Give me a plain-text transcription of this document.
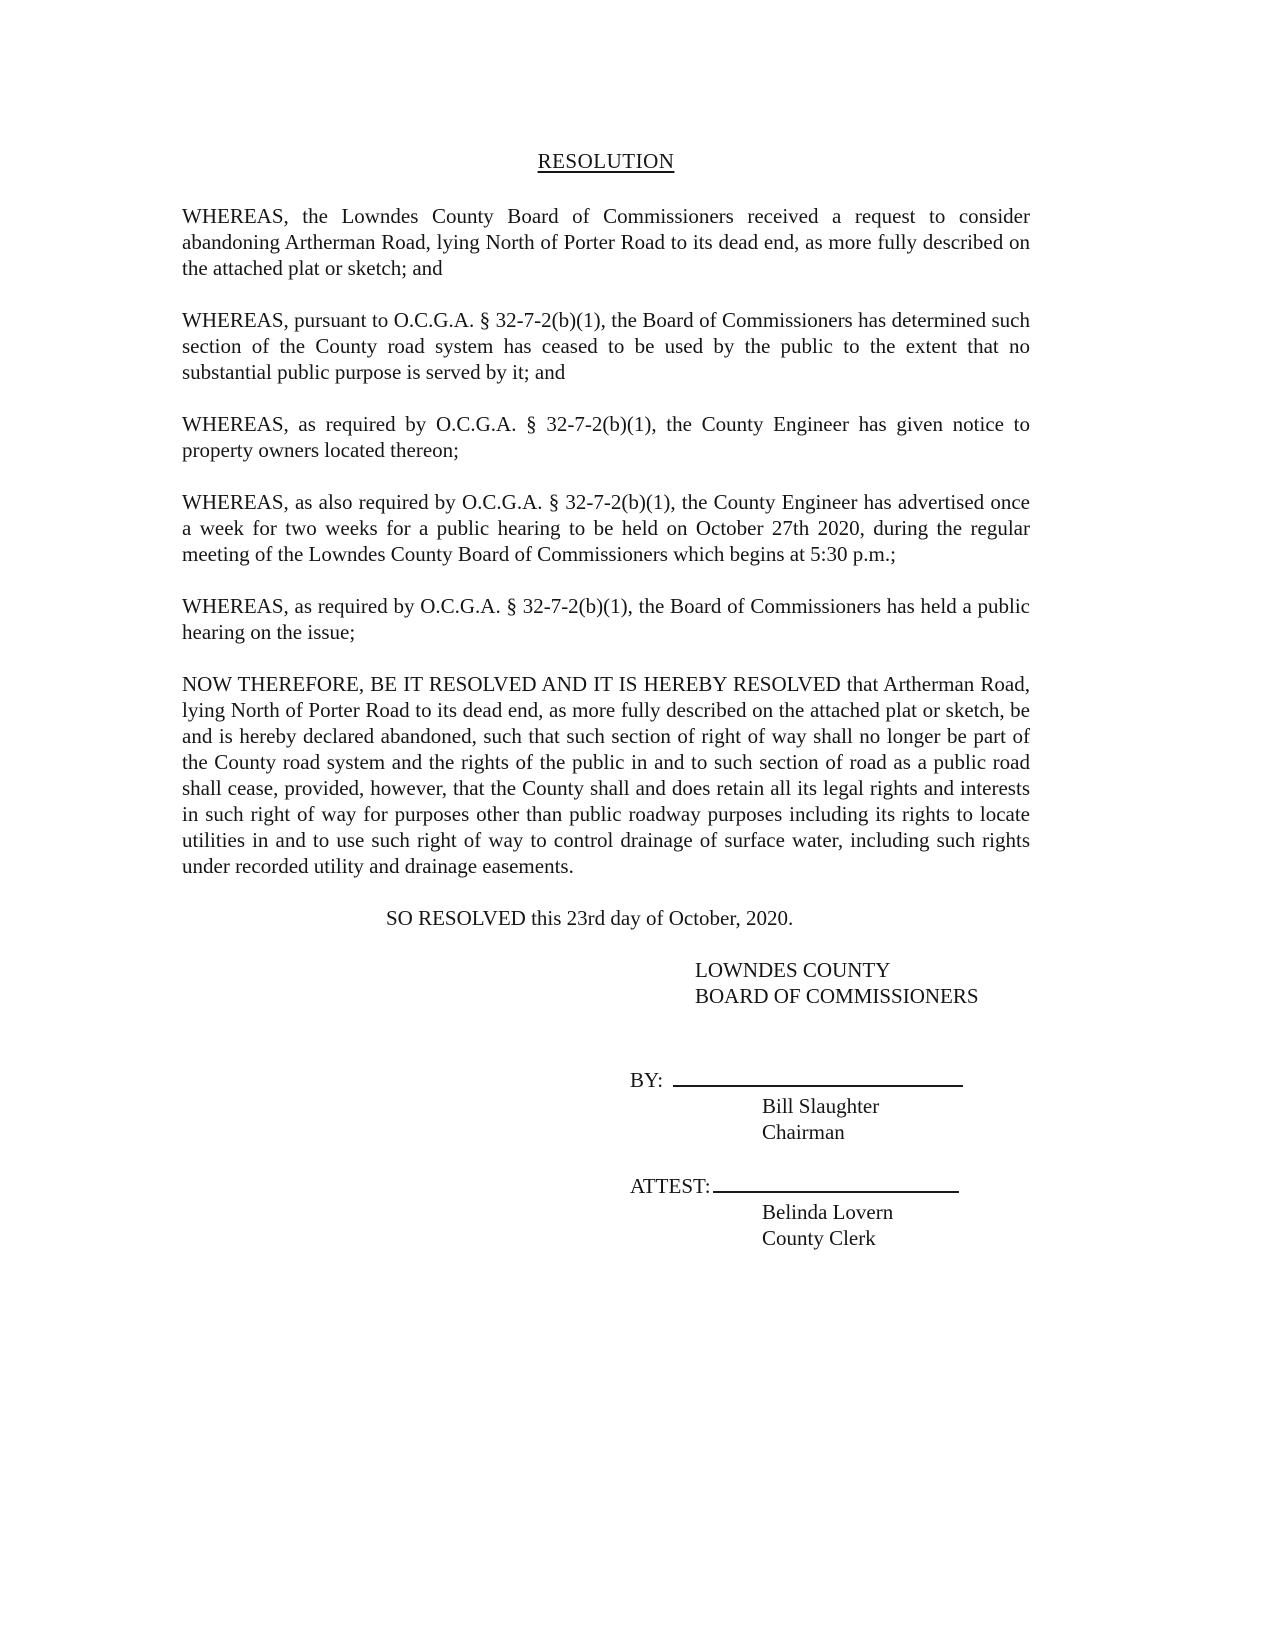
RESOLUTION

WHEREAS, the Lowndes County Board of Commissioners received a request to consider abandoning Artherman Road, lying North of Porter Road to its dead end, as more fully described on the attached plat or sketch; and

WHEREAS, pursuant to O.C.G.A. § 32-7-2(b)(1), the Board of Commissioners has determined such section of the County road system has ceased to be used by the public to the extent that no substantial public purpose is served by it; and

WHEREAS, as required by O.C.G.A. § 32-7-2(b)(1), the County Engineer has given notice to property owners located thereon;

WHEREAS, as also required by O.C.G.A. § 32-7-2(b)(1), the County Engineer has advertised once a week for two weeks for a public hearing to be held on October 27th 2020, during the regular meeting of the Lowndes County Board of Commissioners which begins at 5:30 p.m.;

WHEREAS, as required by O.C.G.A. § 32-7-2(b)(1), the Board of Commissioners has held a public hearing on the issue;

NOW THEREFORE, BE IT RESOLVED AND IT IS HEREBY RESOLVED that Artherman Road, lying North of Porter Road to its dead end, as more fully described on the attached plat or sketch, be and is hereby declared abandoned, such that such section of right of way shall no longer be part of the County road system and the rights of the public in and to such section of road as a public road shall cease, provided, however, that the County shall and does retain all its legal rights and interests in such right of way for purposes other than public roadway purposes including its rights to locate utilities in and to use such right of way to control drainage of surface water, including such rights under recorded utility and drainage easements.

SO RESOLVED this 23rd day of October, 2020.
LOWNDES COUNTY
BOARD OF COMMISSIONERS
BY:
Bill Slaughter
Chairman
ATTEST:
Belinda Lovern
County Clerk
